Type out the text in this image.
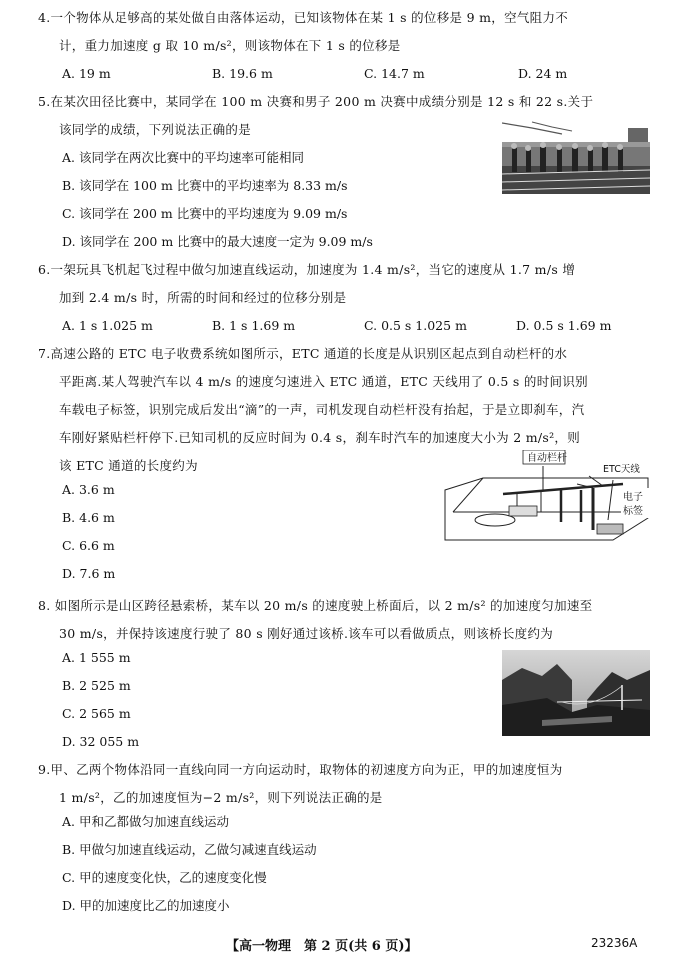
4.一个物体从足够高的某处做自由落体运动，已知该物体在某 1 s 的位移是 9 m，空气阻力不
计，重力加速度 g 取 10 m/s²，则该物体在下 1 s 的位移是
A. 19 m	B. 19.6 m	C. 14.7 m	D. 24 m
5.在某次田径比赛中，某同学在 100 m 决赛和男子 200 m 决赛中成绩分别是 12 s 和 22 s.关于
该同学的成绩，下列说法正确的是
A. 该同学在两次比赛中的平均速率可能相同
B. 该同学在 100 m 比赛中的平均速率为 8.33 m/s
C. 该同学在 200 m 比赛中的平均速度为 9.09 m/s
D. 该同学在 200 m 比赛中的最大速度一定为 9.09 m/s
6.一架玩具飞机起飞过程中做匀加速直线运动，加速度为 1.4 m/s²，当它的速度从 1.7 m/s 增
加到 2.4 m/s 时，所需的时间和经过的位移分别是
A. 1 s 1.025 m	B. 1 s 1.69 m	C. 0.5 s 1.025 m	D. 0.5 s 1.69 m
7.高速公路的 ETC 电子收费系统如图所示，ETC 通道的长度是从识别区起点到自动栏杆的水
平距离.某人驾驶汽车以 4 m/s 的速度匀速进入 ETC 通道，ETC 天线用了 0.5 s 的时间识别
车载电子标签，识别完成后发出“滴”的一声，司机发现自动栏杆没有抬起，于是立即刹车，汽
车刚好紧贴栏杆停下.已知司机的反应时间为 0.4 s，刹车时汽车的加速度大小为 2 m/s²，则
该 ETC 通道的长度约为
A. 3.6 m
B. 4.6 m
C. 6.6 m
D. 7.6 m
自动栏杆
ETC天线
电子
标签
8. 如图所示是山区跨径悬索桥，某车以 20 m/s 的速度驶上桥面后，以 2 m/s² 的加速度匀加速至
30 m/s，并保持该速度行驶了 80 s 刚好通过该桥.该车可以看做质点，则该桥长度约为
A. 1 555 m
B. 2 525 m
C. 2 565 m
D. 32 055 m
9.甲、乙两个物体沿同一直线向同一方向运动时，取物体的初速度方向为正，甲的加速度恒为
1 m/s²，乙的加速度恒为−2 m/s²，则下列说法正确的是
A. 甲和乙都做匀加速直线运动
B. 甲做匀加速直线运动，乙做匀减速直线运动
C. 甲的速度变化快，乙的速度变化慢
D. 甲的加速度比乙的加速度小
【高一物理　第 2 页(共 6 页)】	23236A
